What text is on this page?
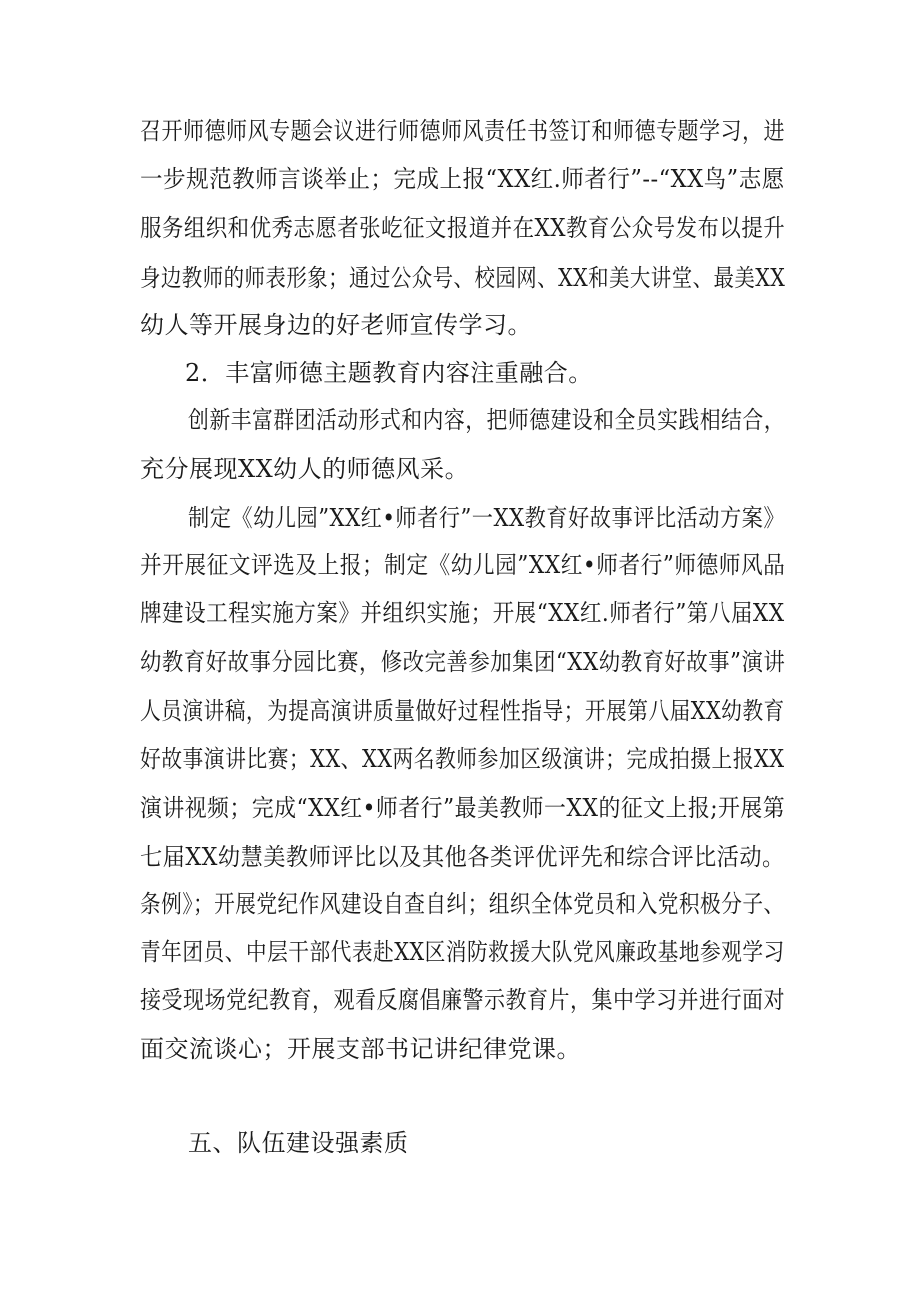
召开师德师风专题会议进行师德师风责任书签订和师德专题学习，进
一步规范教师言谈举止；完成上报“XX红.师者行”--“XX鸟”志愿
服务组织和优秀志愿者张屹征文报道并在XX教育公众号发布以提升
身边教师的师表形象；通过公众号、校园网、XX和美大讲堂、最美XX
幼人等开展身边的好老师宣传学习。
2．丰富师德主题教育内容注重融合。
创新丰富群团活动形式和内容，把师德建设和全员实践相结合，
充分展现XX幼人的师德风采。
制定《幼儿园”XX红•师者行”一XX教育好故事评比活动方案》
并开展征文评选及上报；制定《幼儿园”XX红•师者行”师德师风品
牌建设工程实施方案》并组织实施；开展“XX红.师者行”第八届XX
幼教育好故事分园比赛，修改完善参加集团“XX幼教育好故事”演讲
人员演讲稿，为提高演讲质量做好过程性指导；开展第八届XX幼教育
好故事演讲比赛；XX、XX两名教师参加区级演讲；完成拍摄上报XX
演讲视频；完成“XX红•师者行”最美教师一XX的征文上报;开展第
七届XX幼慧美教师评比以及其他各类评优评先和综合评比活动。
条例》；开展党纪作风建设自查自纠；组织全体党员和入党积极分子、
青年团员、中层干部代表赴XX区消防救援大队党风廉政基地参观学习
接受现场党纪教育，观看反腐倡廉警示教育片，集中学习并进行面对
面交流谈心；开展支部书记讲纪律党课。
五、队伍建设强素质
